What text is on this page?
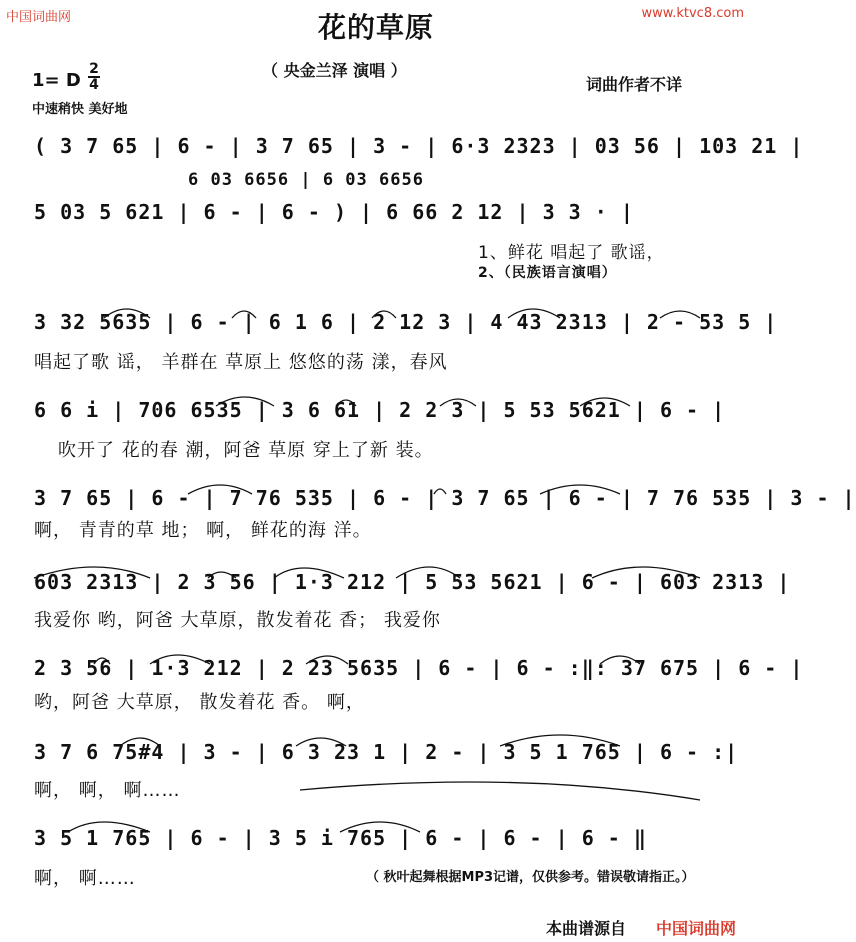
中国词曲网	www.ktvc8.com
花的草原
（ 央金兰泽 演唱 ）
1= D
2
4
中速稍快 美好地
词曲作者不详
( 3 7 65 | 6 - | 3 7 65 | 3 - | 6·3 2323 | 03 56 | 103 21 |
6 03 6656 | 6 03 6656
5 03 5 621 | 6 - | 6 - ) | 6 66 2 12 | 3 3 · |
1、鲜花 唱起了 歌谣，
2、（民族语言演唱）
3 32 5635 | 6 - | 6 1 6 | 2 12 3 | 4 43 2313 | 2 - 53 5 |
唱起了歌 谣， 羊群在 草原上 悠悠的荡 漾，春风
6 6 i | 706 6535 | 3 6 61 | 2 2 3 | 5 53 5621 | 6 - |
吹开了 花的春 潮，阿爸 草原 穿上了新 装。
3 7 65 | 6 - | 7 76 535 | 6 - | 3 7 65 | 6 - | 7 76 535 | 3 - |
啊， 青青的草 地； 啊， 鲜花的海 洋。
603 2313 | 2 3 56 | 1·3 212 | 5 53 5621 | 6 - | 603 2313 |
我爱你 哟，阿爸 大草原，散发着花 香； 我爱你
2 3 56 | 1·3 212 | 2 23 5635 | 6 - | 6 - :‖: 37 675 | 6 - |
哟，阿爸 大草原， 散发着花 香。 啊，
3 7 6 75#4 | 3 - | 6 3 23 1 | 2 - | 3 5 1 765 | 6 - :|
啊， 啊， 啊……
3 5 1 765 | 6 - | 3 5 i 765 | 6 - | 6 - | 6 - ‖
啊， 啊……	（ 秋叶起舞根据MP3记谱，仅供参考。错误敬请指正。）
本曲谱源自 中国词曲网
